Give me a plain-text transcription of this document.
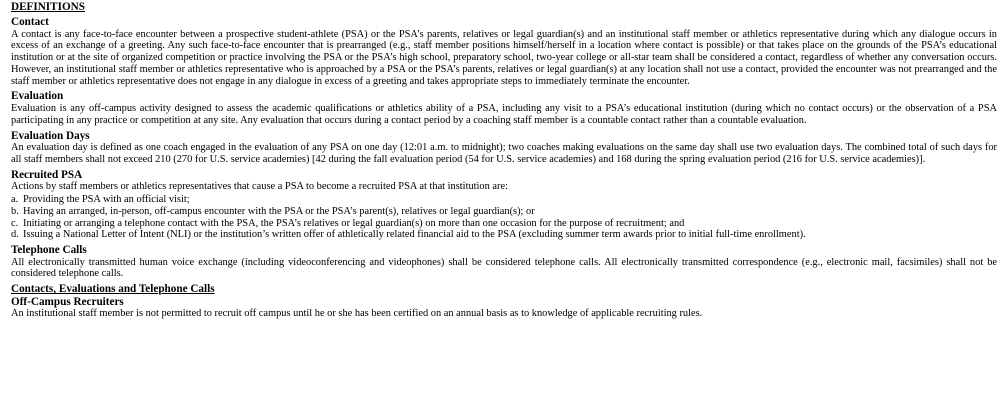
DEFINITIONS
Contact

A contact is any face-to-face encounter between a prospective student-athlete (PSA) or the PSA’s parents, relatives or legal guardian(s) and an institutional staff member or athletics representative during which any dialogue occurs in excess of an exchange of a greeting. Any such face-to-face encounter that is prearranged (e.g., staff member positions himself/herself in a location where contact is possible) or that takes place on the grounds of the PSA’s educational institution or at the site of organized competition or practice involving the PSA or the PSA’s high school, preparatory school, two-year college or all-star team shall be considered a contact, regardless of whether any conversation occurs. However, an institutional staff member or athletics representative who is approached by a PSA or the PSA’s parents, relatives or legal guardian(s) at any location shall not use a contact, provided the encounter was not prearranged and the staff member or athletics representative does not engage in any dialogue in excess of a greeting and takes appropriate steps to immediately terminate the encounter.

Evaluation

Evaluation is any off-campus activity designed to assess the academic qualifications or athletics ability of a PSA, including any visit to a PSA’s educational institution (during which no contact occurs) or the observation of a PSA participating in any practice or competition at any site. Any evaluation that occurs during a contact period by a coaching staff member is a countable contact rather than a countable evaluation.

Evaluation Days

An evaluation day is defined as one coach engaged in the evaluation of any PSA on one day (12:01 a.m. to midnight); two coaches making evaluations on the same day shall use two evaluation days. The combined total of such days for all staff members shall not exceed 210 (270 for U.S. service academies) [42 during the fall evaluation period (54 for U.S. service academies) and 168 during the spring evaluation period (216 for U.S. service academies)].

Recruited PSA

Actions by staff members or athletics representatives that cause a PSA to become a recruited PSA at that institution are:

a. Providing the PSA with an official visit;
b. Having an arranged, in-person, off-campus encounter with the PSA or the PSA’s parent(s), relatives or legal guardian(s); or
c. Initiating or arranging a telephone contact with the PSA, the PSA’s relatives or legal guardian(s) on more than one occasion for the purpose of recruitment; and
d. Issuing a National Letter of Intent (NLI) or the institution’s written offer of athletically related financial aid to the PSA (excluding summer term awards prior to initial full-time enrollment).
Telephone Calls

All electronically transmitted human voice exchange (including videoconferencing and videophones) shall be considered telephone calls. All electronically transmitted correspondence (e.g., electronic mail, facsimiles) shall not be considered telephone calls.

Contacts, Evaluations and Telephone Calls
Off-Campus Recruiters

An institutional staff member is not permitted to recruit off campus until he or she has been certified on an annual basis as to knowledge of applicable recruiting rules.
